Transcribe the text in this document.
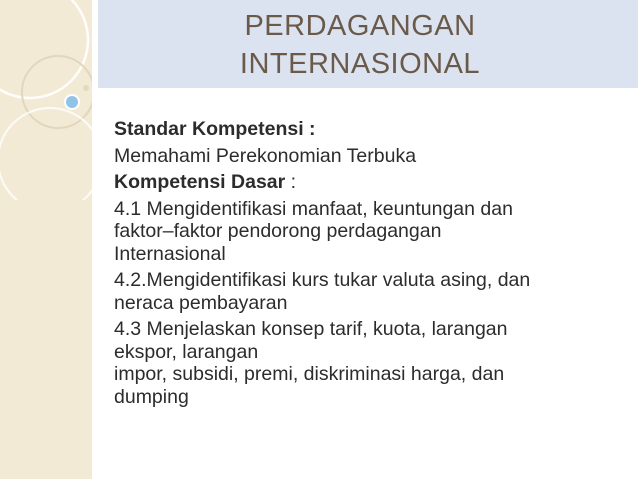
PERDAGANGAN
INTERNASIONAL

Standar Kompetensi :

Memahami Perekonomian Terbuka

Kompetensi Dasar :

4.1 Mengidentifikasi manfaat, keuntungan dan

faktor–faktor pendorong perdagangan

Internasional

4.2.Mengidentifikasi kurs tukar valuta asing, dan

neraca pembayaran

4.3 Menjelaskan konsep tarif, kuota, larangan

ekspor, larangan

impor, subsidi, premi, diskriminasi harga, dan

dumping
